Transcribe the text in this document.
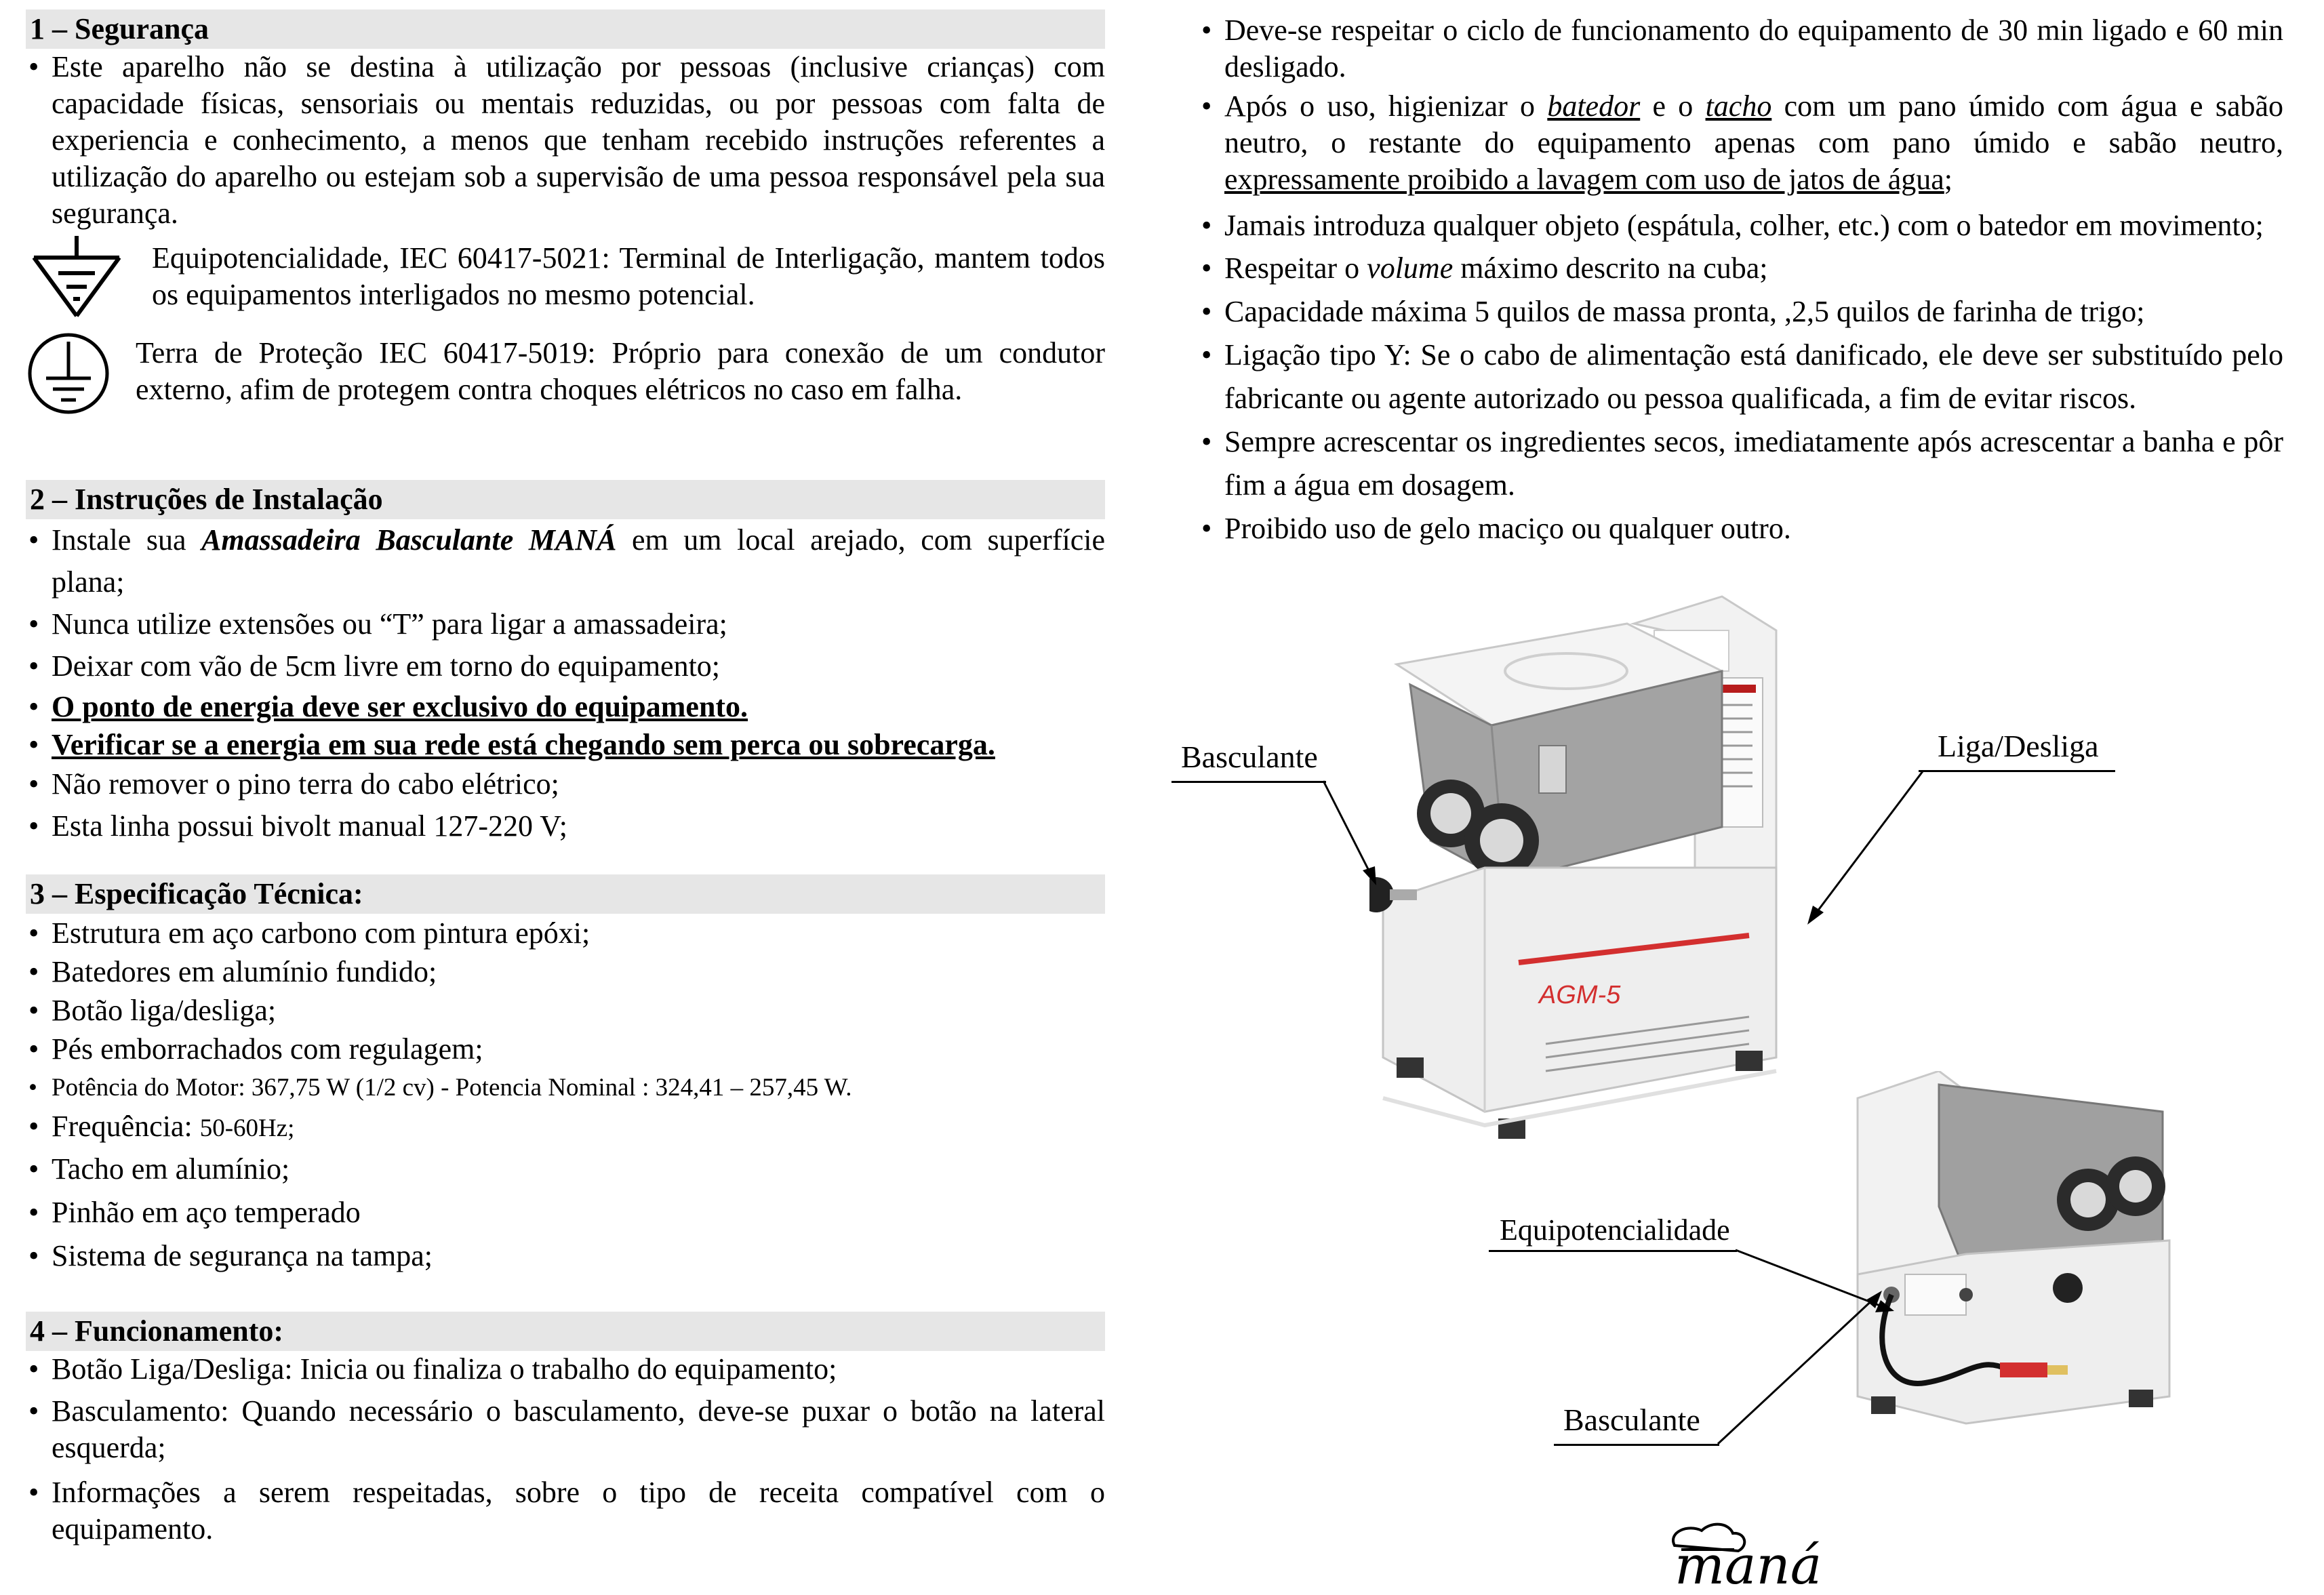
1 – Segurança
• Este aparelho não se destina à utilização por pessoas (inclusive crianças) com capacidade físicas, sensoriais ou mentais reduzidas, ou por pessoas com falta de experiencia e conhecimento, a menos que tenham recebido instruções referentes a utilização do aparelho ou estejam sob a supervisão de uma pessoa responsável pela sua segurança.
Equipotencialidade, IEC 60417-5021: Terminal de Interligação, mantem todos os equipamentos interligados no mesmo potencial.
Terra de Proteção IEC 60417-5019: Próprio para conexão de um condutor externo, afim de protegem contra choques elétricos no caso em falha.
2 – Instruções de Instalação
• Instale sua Amassadeira Basculante MANÁ em um local arejado, com superfície plana;
• Nunca utilize extensões ou “T” para ligar a amassadeira;
• Deixar com vão de 5cm livre em torno do equipamento;
• O ponto de energia deve ser exclusivo do equipamento.
• Verificar se a energia em sua rede está chegando sem perca ou sobrecarga.
• Não remover o pino terra do cabo elétrico;
• Esta linha possui bivolt manual 127-220 V;
3 – Especificação Técnica:
• Estrutura em aço carbono com pintura epóxi;
• Batedores em alumínio fundido;
• Botão liga/desliga;
• Pés emborrachados com regulagem;
• Potência do Motor: 367,75 W (1/2 cv) - Potencia Nominal : 324,41 – 257,45 W.
• Frequência: 50-60Hz;
• Tacho em alumínio;
• Pinhão em aço temperado
• Sistema de segurança na tampa;
4 – Funcionamento:
• Botão Liga/Desliga: Inicia ou finaliza o trabalho do equipamento;
• Basculamento: Quando necessário o basculamento, deve-se puxar o botão na lateral esquerda;
• Informações a serem respeitadas, sobre o tipo de receita compatível com o equipamento.
• Deve-se respeitar o ciclo de funcionamento do equipamento de 30 min ligado e 60 min desligado.
• Após o uso, higienizar o batedor e o tacho com um pano úmido com água e sabão neutro, o restante do equipamento apenas com pano úmido e sabão neutro, expressamente proibido a lavagem com uso de jatos de água;
• Jamais introduza qualquer objeto (espátula, colher, etc.) com o batedor em movimento;
• Respeitar o volume máximo descrito na cuba;
• Capacidade máxima 5 quilos de massa pronta, ,2,5 quilos de farinha de trigo;
• Ligação tipo Y: Se o cabo de alimentação está danificado, ele deve ser substituído pelo fabricante ou agente autorizado ou pessoa qualificada, a fim de evitar riscos.
• Sempre acrescentar os ingredientes secos, imediatamente após acrescentar a banha e pôr fim a água em dosagem.
• Proibido uso de gelo maciço ou qualquer outro.
AGM-5
Basculante	Liga/Desliga
Equipotencialidade
Basculante
maná
